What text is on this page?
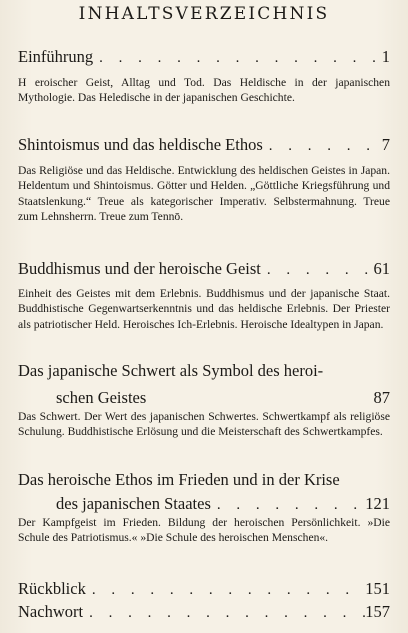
INHALTSVERZEICHNIS
Einführung . . .	1
H eroischer Geist, Alltag und Tod. Das Heldische in der japanischen Mythologie. Das Heledische in der japanischen Geschichte.
Shintoismus und das heldische Ethos . . .	7
Das Religiöse und das Heldische. Entwicklung des heldischen Geistes in Japan. Heldentum und Shintoismus. Götter und Helden. „Göttliche Kriegsführung und Staatslenkung.“ Treue als kategorischer Imperativ. Selbstermahnung. Treue zum Lehnsherrn. Treue zum Tennō.
Buddhismus und der heroische Geist . . .	61
Einheit des Geistes mit dem Erlebnis. Buddhismus und der japanische Staat. Buddhistische Gegenwartserkenntnis und das heldische Erlebnis. Der Priester als patriotischer Held. Heroisches Ich-Erlebnis. Heroische Idealtypen in Japan.
Das japanische Schwert als Symbol des heroi-
schen Geistes	87
Das Schwert. Der Wert des japanischen Schwertes. Schwertkampf als religiöse Schulung. Buddhistische Erlösung und die Meisterschaft des Schwertkampfes.
Das heroische Ethos im Frieden und in der Krise
des japanischen Staates . . .	121
Der Kampfgeist im Frieden. Bildung der heroischen Persönlichkeit. »Die Schule des Patriotismus.« »Die Schule des heroischen Menschen«.
Rückblick . . .	151
Nachwort . . .	157
